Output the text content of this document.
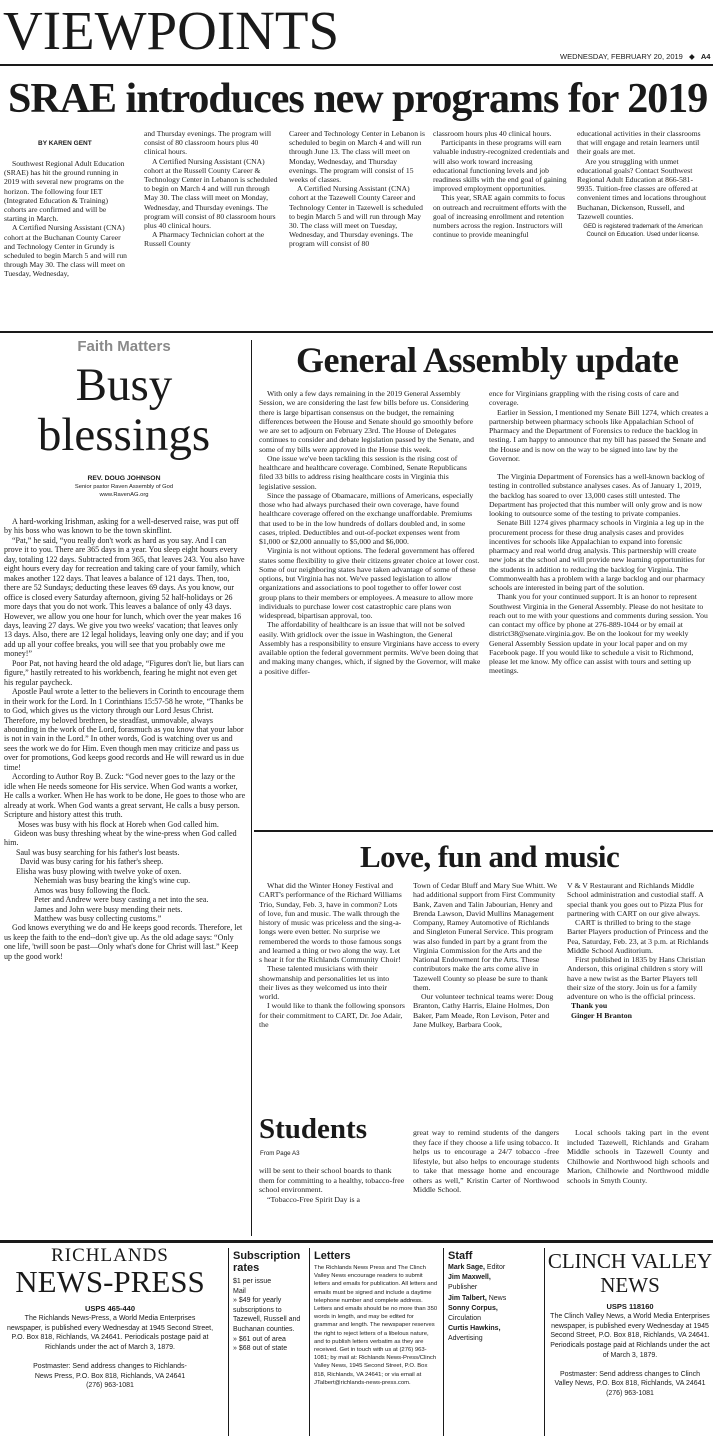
VIEWPOINTS	WEDNESDAY, FEBRUARY 20, 2019 ◆ A4
SRAE introduces new programs for 2019
BY KAREN GENT

Southwest Regional Adult Education (SRAE) has hit the ground running in 2019 with several new programs on the horizon. The following four IET (Integrated Education & Training) cohorts are confirmed and will be starting in March.

A Certified Nursing Assistant (CNA) cohort at the Buchanan County Career and Technology Center in Grundy is scheduled to begin March 5 and will run through May 30. The class will meet on Tuesday, Wednesday,

and Thursday evenings. The program will consist of 80 classroom hours plus 40 clinical hours.

A Certified Nursing Assistant (CNA) cohort at the Russell County Career & Technology Center in Lebanon is scheduled to begin on March 4 and will run through May 30. The class will meet on Monday, Wednesday, and Thursday evenings. The program will consist of 80 classroom hours plus 40 clinical hours.

A Pharmacy Technician cohort at the Russell County

Career and Technology Center in Lebanon is scheduled to begin on March 4 and will run through June 13. The class will meet on Monday, Wednesday, and Thursday evenings. The program will consist of 15 weeks of classes.

A Certified Nursing Assistant (CNA) cohort at the Tazewell County Career and Technology Center in Tazewell is scheduled to begin March 5 and will run through May 30. The class will meet on Tuesday, Wednesday, and Thursday evenings. The program will consist of 80

classroom hours plus 40 clinical hours.

Participants in these programs will earn valuable industry-recognized credentials and will also work toward increasing educational functioning levels and job readiness skills with the end goal of gaining improved employment opportunities.

This year, SRAE again commits to focus on outreach and recruitment efforts with the goal of increasing enrollment and retention numbers across the region. Instructors will continue to provide meaningful

educational activities in their classrooms that will engage and retain learners until their goals are met.

Are you struggling with unmet educational goals? Contact Southwest Regional Adult Education at 866-581-9935. Tuition-free classes are offered at convenient times and locations throughout Buchanan, Dickenson, Russell, and Tazewell counties.

GED is registered trademark of the American Council on Education. Used under license.
Faith Matters
Busy
blessings
REV. DOUG JOHNSON
Senior pastor Raven Assembly of God
www.RavenAG.org

A hard-working Irishman, asking for a well-deserved raise, was put off by his boss who was known to be the town skinflint.

“Pat,” he said, “you really don't work as hard as you say. And I can prove it to you. There are 365 days in a year. You sleep eight hours every day, totaling 122 days. Subtracted from 365, that leaves 243. You also have eight hours every day for recreation and taking care of your family, which makes another 122 days. That leaves a balance of 121 days. Then, too, there are 52 Sundays; deducting these leaves 69 days. As you know, our office is closed every Saturday afternoon, giving 52 half-holidays or 26 more days that you do not work. This leaves a balance of only 43 days. However, we allow you one hour for lunch, which over the year makes 16 days, leaving 27 days. We give you two weeks' vacation; that leaves only 13 days. Also, there are 12 legal holidays, leaving only one day; and if you add up all your coffee breaks, you will see that you probably owe me money!”

Poor Pat, not having heard the old adage, “Figures don't lie, but liars can figure,” hastily retreated to his workbench, fearing he might not even get his regular paycheck.

Apostle Paul wrote a letter to the believers in Corinth to encourage them in their work for the Lord. In 1 Corinthians 15:57-58 he wrote, “Thanks be to God, which gives us the victory through our Lord Jesus Christ. Therefore, my beloved brethren, be steadfast, unmovable, always abounding in the work of the Lord, forasmuch as you know that your labor is not in vain in the Lord.” In other words, God is watching over us and sees the work we do for Him. Even though men may criticize and pass us over for promotions, God keeps good records and He will reward us in due time!

According to Author Roy B. Zuck: “God never goes to the lazy or the idle when He needs someone for His service. When God wants a worker, He calls a worker. When He has work to be done, He goes to those who are already at work. When God wants a great servant, He calls a busy person. Scripture and history attest this truth.

Moses was busy with his flock at Horeb when God called him.

Gideon was busy threshing wheat by the wine-press when God called him.

Saul was busy searching for his father's lost beasts.

David was busy caring for his father's sheep.

Elisha was busy plowing with twelve yoke of oxen.

Nehemiah was busy bearing the king's wine cup.

Amos was busy following the flock.

Peter and Andrew were busy casting a net into the sea.

James and John were busy mending their nets.

Matthew was busy collecting customs.”

God knows everything we do and He keeps good records. Therefore, let us keep the faith to the end--don't give up. As the old adage says: “Only one life, 'twill soon be past—Only what's done for Christ will last.” Keep up the good work!

General Assembly update

With only a few days remaining in the 2019 General Assembly Session, we are considering the last few bills before us. Considering there is large bipartisan consensus on the budget, the remaining differences between the House and Senate should go smoothly before we are set to adjourn on February 23rd. The House of Delegates continues to consider and debate legislation passed by the Senate, and some of my bills were approved in the House this week.

One issue we've been tackling this session is the rising cost of healthcare and healthcare coverage. Combined, Senate Republicans filed 33 bills to address rising healthcare costs in Virginia this legislative session.

Since the passage of Obamacare, millions of Americans, especially those who had always purchased their own coverage, have found healthcare coverage offered on the exchange unaffordable. Premiums that used to be in the low hundreds of dollars doubled and, in some cases, tripled. Deductibles and out-of-pocket expenses went from $1,000 or $2,000 annually to $5,000 and $6,000.

Virginia is not without options. The federal government has offered states some flexibility to give their citizens greater choice at lower cost. Some of our neighboring states have taken advantage of some of these options, but Virginia has not. We've passed legislation to allow organizations and associations to pool together to offer lower cost group plans to their members or employees. A measure to allow more individuals to purchase lower cost catastrophic care plans won widespread, bipartisan approval, too.

The affordability of healthcare is an issue that will not be solved easily. With gridlock over the issue in Washington, the General Assembly has a responsibility to ensure Virginians have access to every available option the federal government permits. We've been doing that and making many changes, which, if signed by the Governor, will make a positive differ-

ence for Virginians grappling with the rising costs of care and coverage.

Earlier in Session, I mentioned my Senate Bill 1274, which creates a partnership between pharmacy schools like Appalachian School of Pharmacy and the Department of Forensics to reduce the backlog in testing. I am happy to announce that my bill has passed the Senate and the House and is now on the way to be signed into law by the Governor.

The Virginia Department of Forensics has a well-known backlog of testing in controlled substance analyses cases. As of January 1, 2019, the backlog has soared to over 13,000 cases still untested. The Department has projected that this number will only grow and is now looking to outsource some of the testing to private companies.

Senate Bill 1274 gives pharmacy schools in Virginia a leg up in the procurement process for these drug analysis cases and provides incentives for schools like Appalachian to expand into forensic pharmacy and real world drug analysis. This partnership will create new jobs at the school and will provide new learning opportunities for the students in addition to reducing the backlog for Virginia. The Commonwealth has a problem with a large backlog and our pharmacy schools are interested in being part of the solution.

Thank you for your continued support. It is an honor to represent Southwest Virginia in the General Assembly. Please do not hesitate to reach out to me with your questions and comments during session. You can contact my office by phone at 276-889-1044 or by email at district38@senate.virginia.gov. Be on the lookout for my weekly General Assembly Session update in your local paper and on my Facebook page. If you would like to schedule a visit to Richmond, please let me know. My office can assist with tours and setting up meetings.

Love, fun and music

What did the Winter Honey Festival and CART's performance of the Richard Williams Trio, Sunday, Feb. 3, have in common? Lots of love, fun and music. The walk through the history of music was priceless and the sing-a-longs were even better. No surprise we remembered the words to those famous songs and learned a thing or two along the way. Let s hear it for the Richlands Community Choir!

These talented musicians with their showmanship and personalities let us into their lives as they welcomed us into their world.

I would like to thank the following sponsors for their commitment to CART, Dr. Joe Adair, the

Town of Cedar Bluff and Mary Sue Whitt. We had additional support from First Community Bank, Zaven and Talin Jabourian, Henry and Brenda Lawson, David Mullins Management Company, Ramey Automotive of Richlands and Singleton Funeral Service. This program was also funded in part by a grant from the Virginia Commission for the Arts and the National Endowment for the Arts. These contributors make the arts come alive in Tazewell County so please be sure to thank them.

Our volunteer technical teams were: Doug Branton, Cathy Harris, Elaine Holmes, Don Baker, Pam Meade, Ron Levison, Peter and Jane Mulkey, Barbara Cook,

V & V Restaurant and Richlands Middle School administration and custodial staff. A special thank you goes out to Pizza Plus for partnering with CART on our give always.

CART is thrilled to bring to the stage Barter Players production of Princess and the Pea, Saturday, Feb. 23, at 3 p.m. at Richlands Middle School Auditorium.

First published in 1835 by Hans Christian Anderson, this original children s story will have a new twist as the Barter Players tell their size of the story. Join us for a family adventure on who is the official princess.

Thank you

Ginger H Branton

Students
From Page A3

will be sent to their school boards to thank them for committing to a healthy, tobacco-free school environment.

“Tobacco-Free Spirit Day is a

great way to remind students of the dangers they face if they choose a life using tobacco. It helps us to encourage a 24/7 tobacco -free lifestyle, but also helps to encourage students to take that message home and encourage others as well,” Kristin Carter of Northwood Middle School.

Local schools taking part in the event included Tazewell, Richlands and Graham Middle schools in Tazewell County and Chilhowie and Northwood high schools and Marion, Chilhowie and Northwood middle schools in Smyth County.

RICHLANDS
NEWS-PRESS
USPS 465-440
The Richlands News-Press, a World Media Enterprises newspaper, is published every Wednesday at 1945 Second Street, P.O. Box 818, Richlands, VA 24641. Periodicals postage paid at Richlands under the act of March 3, 1879.
Postmaster: Send address changes to Richlands-News Press, P.O. Box 818, Richlands, VA 24641 (276) 963-1081
Subscription rates
$1 per issue
Mail
» $49 for yearly subscriptions to Tazewell, Russell and Buchanan counties.
» $61 out of area
» $68 out of state
Letters
The Richlands News Press and The Clinch Valley News encourage readers to submit letters and emails for publication. All letters and emails must be signed and include a daytime telephone number and complete address. Letters and emails should be no more than 350 words in length, and may be edited for grammar and length. The newspaper reserves the right to reject letters of a libelous nature, and to publish letters verbatim as they are received. Get in touch with us at (276) 963-1081; by mail at: Richlands News-Press/Clinch Valley News, 1945 Second Street, P.O. Box 818, Richlands, VA 24641; or via email at JTalbert@richlands-news-press.com.
Staff
Mark Sage, Editor
Jim Maxwell,
Publisher
Jim Talbert, News
Sonny Corpus,
Circulation
Curtis Hawkins,
Advertising
CLINCH VALLEY
NEWS
USPS 118160
The Clinch Valley News, a World Media Enterprises newspaper, is published every Wednesday at 1945 Second Street, P.O. Box 818, Richlands, VA 24641. Periodicals postage paid at Richlands under the act of March 3, 1879.
Postmaster: Send address changes to Clinch Valley News, P.O. Box 818, Richlands, VA 24641 (276) 963-1081
